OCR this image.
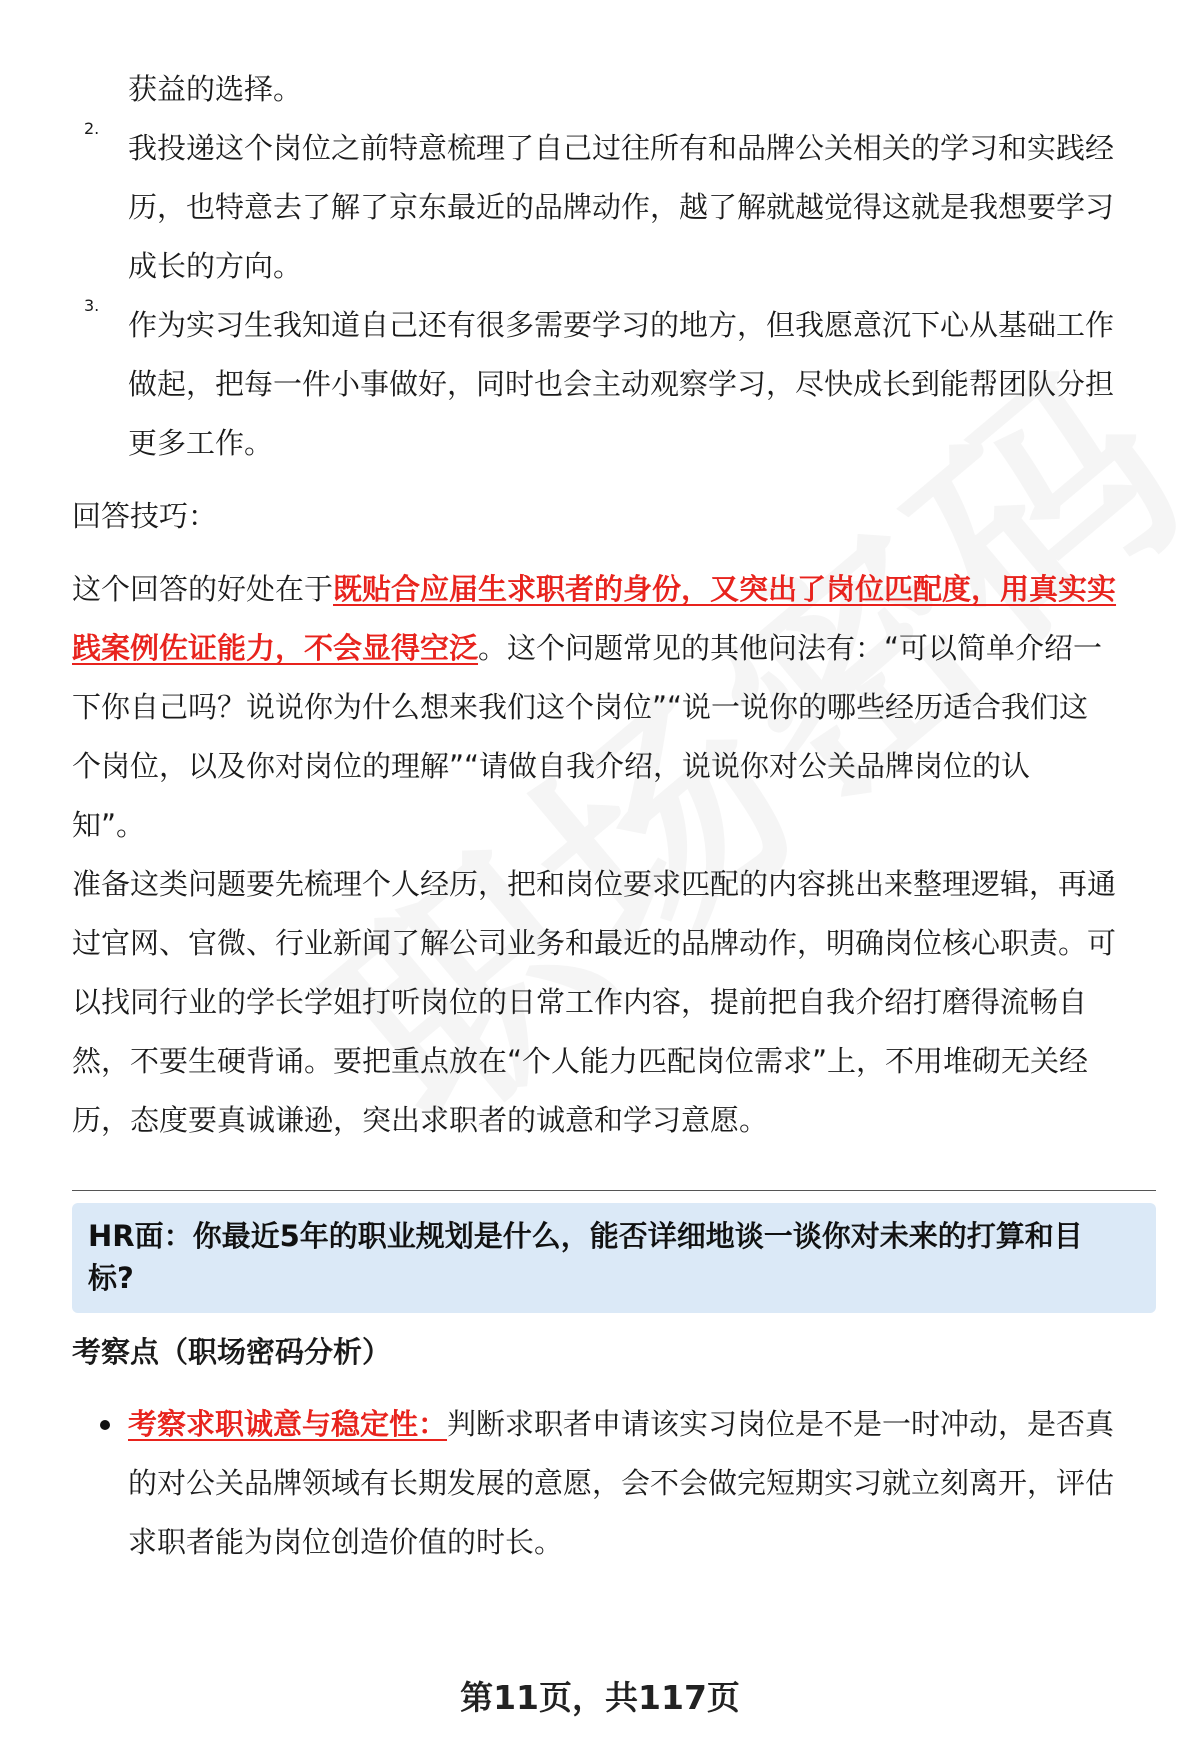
获益的选择。

2.

我投递这个岗位之前特意梳理了自己过往所有和品牌公关相关的学习和实践经

历，也特意去了解了京东最近的品牌动作，越了解就越觉得这就是我想要学习

成长的方向。

3.

作为实习生我知道自己还有很多需要学习的地方，但我愿意沉下心从基础工作

做起，把每一件小事做好，同时也会主动观察学习，尽快成长到能帮团队分担

更多工作。

回答技巧：

这个回答的好处在于既贴合应届生求职者的身份，又突出了岗位匹配度，用真实实

践案例佐证能力，不会显得空泛。这个问题常见的其他问法有：“可以简单介绍一

下你自己吗？说说你为什么想来我们这个岗位”“说一说你的哪些经历适合我们这

个岗位，以及你对岗位的理解”“请做自我介绍，说说你对公关品牌岗位的认

知”。

准备这类问题要先梳理个人经历，把和岗位要求匹配的内容挑出来整理逻辑，再通

过官网、官微、行业新闻了解公司业务和最近的品牌动作，明确岗位核心职责。可

以找同行业的学长学姐打听岗位的日常工作内容，提前把自我介绍打磨得流畅自

然，不要生硬背诵。要把重点放在“个人能力匹配岗位需求”上，不用堆砌无关经

历，态度要真诚谦逊，突出求职者的诚意和学习意愿。

HR面：你最近5年的职业规划是什么，能否详细地谈一谈你对未来的打算和目
标?
考察点（职场密码分析）

考察求职诚意与稳定性：判断求职者申请该实习岗位是不是一时冲动，是否真

的对公关品牌领域有长期发展的意愿，会不会做完短期实习就立刻离开，评估

求职者能为岗位创造价值的时长。

第11页，共117页
